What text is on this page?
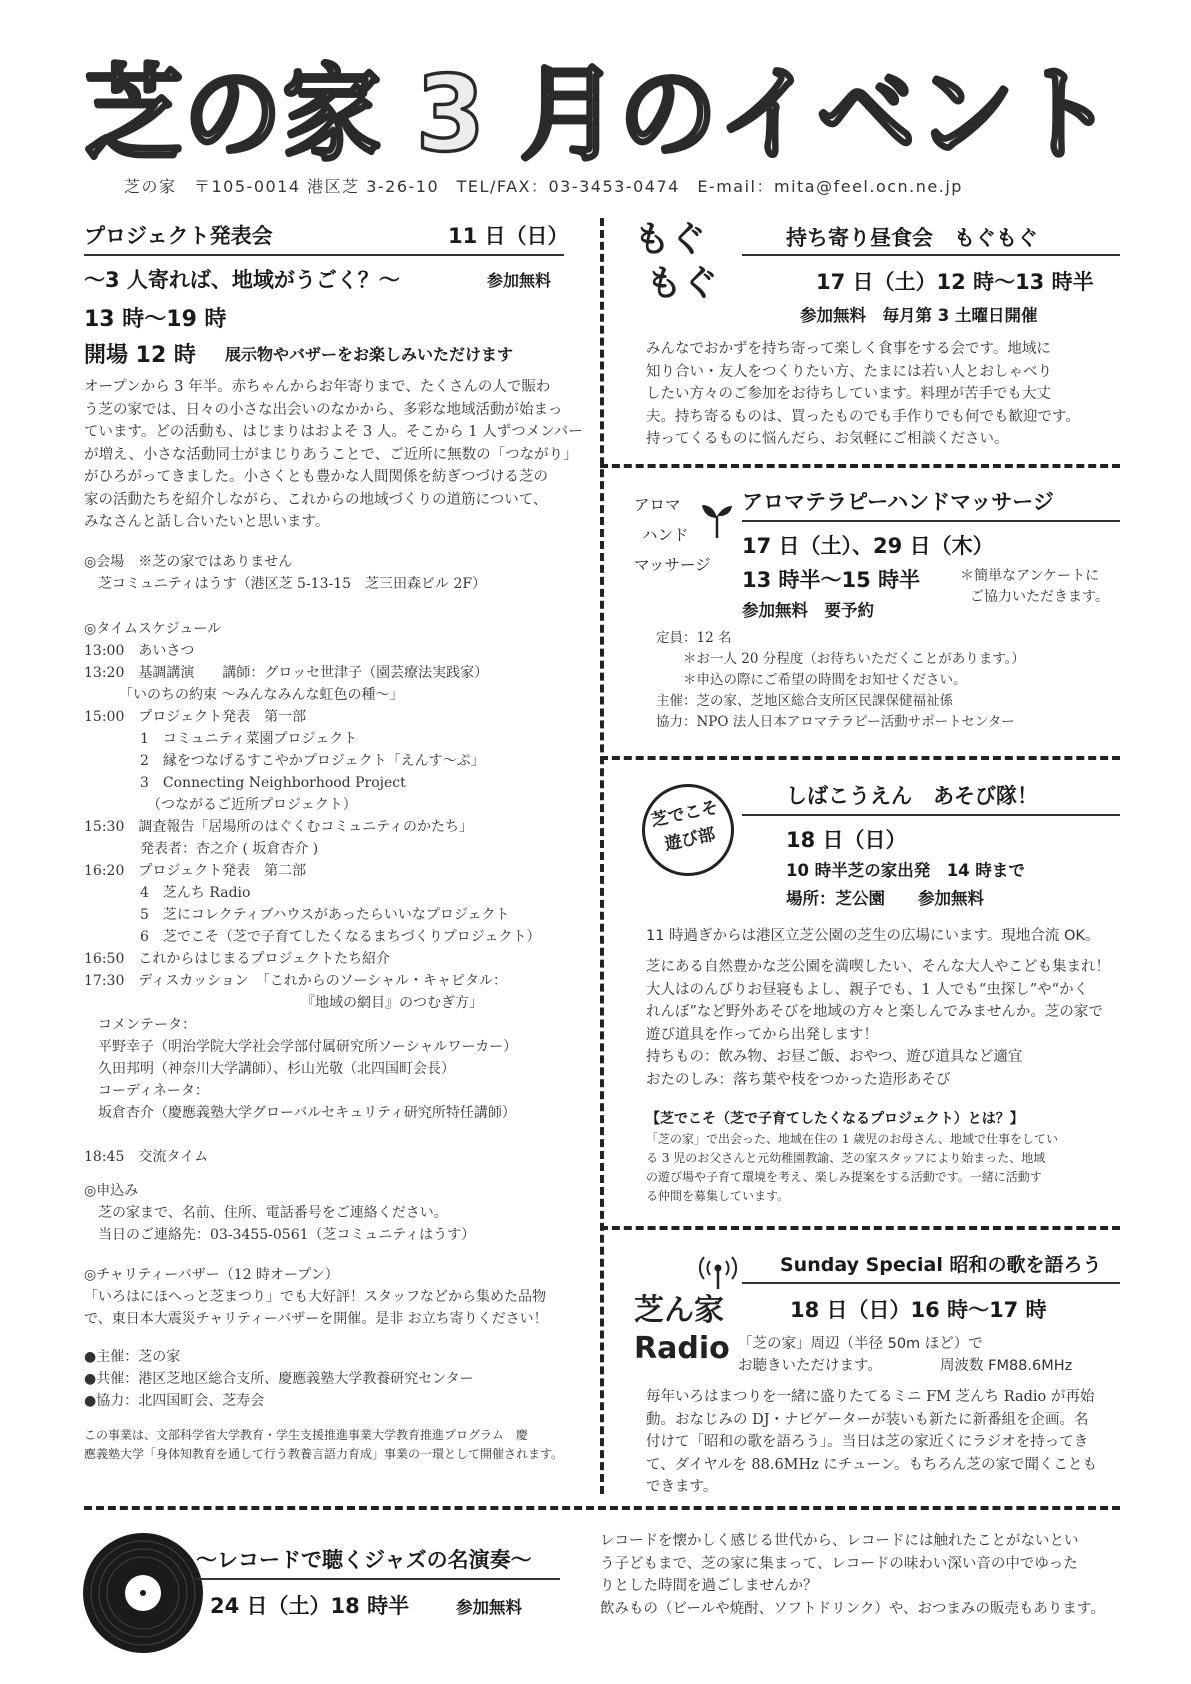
芝の家 3 月のイベント
芝の家　〒105-0014 港区芝 3-26-10　TEL/FAX：03-3453-0474　E-mail：mita@feel.ocn.ne.jp
プロジェクト発表会	11 日（日）
〜3 人寄れば、地域がうごく？〜	参加無料
13 時〜19 時
開場 12 時 展示物やバザーをお楽しみいただけます
オープンから 3 年半。赤ちゃんからお年寄りまで、たくさんの人で賑わ
う芝の家では、日々の小さな出会いのなかから、多彩な地域活動が始まっ
ています。どの活動も、はじまりはおよそ 3 人。そこから 1 人ずつメンバー
が増え、小さな活動同士がまじりあうことで、ご近所に無数の「つながり」
がひろがってきました。小さくとも豊かな人間関係を紡ぎつづける芝の
家の活動たちを紹介しながら、これからの地域づくりの道筋について、
みなさんと話し合いたいと思います。
◎会場　※芝の家ではありません
芝コミュニティはうす（港区芝 5-13-15　芝三田森ビル 2F）
◎タイムスケジュール
13:00　あいさつ
13:20　基調講演　　講師：グロッセ世津子（園芸療法実践家）
　　　「いのちの約束 〜みんなみんな虹色の種〜」
15:00　プロジェクト発表　第一部
　　　　1　コミュニティ菜園プロジェクト
　　　　2　縁をつなげるすこやかプロジェクト「えんす〜ぷ」
　　　　3　Connecting Neighborhood Project
　　　　　（つながるご近所プロジェクト）
15:30　調査報告「居場所のはぐくむコミュニティのかたち」
　　　　発表者：杏之介 ( 坂倉杏介 )
16:20　プロジェクト発表　第二部
　　　　4　芝んち Radio
　　　　5　芝にコレクティブハウスがあったらいいなプロジェクト
　　　　6　芝でこそ（芝で子育てしたくなるまちづくりプロジェクト）
16:50　これからはじまるプロジェクトたち紹介
17:30　ディスカッション　「これからのソーシャル・キャピタル：
　　　　　　　　　　　　　　　　『地域の網目』のつむぎ方」
　コメンテータ：
　平野幸子（明治学院大学社会学部付属研究所ソーシャルワーカー）
　久田邦明（神奈川大学講師）、杉山光敬（北四国町会長）
　コーディネータ：
　坂倉杏介（慶應義塾大学グローバルセキュリティ研究所特任講師）
18:45　交流タイム
◎申込み
　芝の家まで、名前、住所、電話番号をご連絡ください。
　当日のご連絡先：03-3455-0561（芝コミュニティはうす）
◎チャリティーバザー（12 時オープン）
「いろはにほへっと芝まつり」でも大好評！スタッフなどから集めた品物
で、東日本大震災チャリティーバザーを開催。是非 お立ち寄りください！
●主催：芝の家
●共催：港区芝地区総合支所、慶應義塾大学教養研究センター
●協力：北四国町会、芝寿会
この事業は、文部科学省大学教育・学生支援推進事業大学教育推進プログラム　慶
應義塾大学「身体知教育を通して行う教養言語力育成」事業の一環として開催されます。
もぐ
もぐ
持ち寄り昼食会　もぐもぐ
17 日（土）12 時〜13 時半
参加無料　毎月第 3 土曜日開催
みんなでおかずを持ち寄って楽しく食事をする会です。地域に
知り合い・友人をつくりたい方、たまには若い人とおしゃべり
したい方々のご参加をお待ちしています。料理が苦手でも大丈
夫。持ち寄るものは、買ったものでも手作りでも何でも歓迎です。
持ってくるものに悩んだら、お気軽にご相談ください。
アロマ
ハンド
マッサージ
アロマテラピーハンドマッサージ
17 日（土）、29 日（木）
13 時半〜15 時半	＊簡単なアンケートに
ご協力いただきます。
参加無料　要予約
定員：12 名
　　＊お一人 20 分程度（お待ちいただくことがあります。）
　　＊申込の際にご希望の時間をお知せください。
主催：芝の家、芝地区総合支所区民課保健福祉係
協力：NPO 法人日本アロマテラピー活動サポートセンター
芝でこそ
遊び部
しばこうえん　あそび隊！
18 日（日）
10 時半芝の家出発　14 時まで
場所：芝公園　　参加無料
11 時過ぎからは港区立芝公園の芝生の広場にいます。現地合流 OK。
芝にある自然豊かな芝公園を満喫したい、そんな大人やこども集まれ！
大人はのんびりお昼寝もよし、親子でも、1 人でも“虫探し”や“かく
れんぼ”など野外あそびを地域の方々と楽しんでみませんか。芝の家で
遊び道具を作ってから出発します！
持ちもの：飲み物、お昼ご飯、おやつ、遊び道具など適宜
おたのしみ：落ち葉や枝をつかった造形あそび
【芝でこそ（芝で子育てしたくなるプロジェクト）とは？】
「芝の家」で出会った、地域在住の 1 歳児のお母さん、地域で仕事をしてい
る 3 児のお父さんと元幼稚園教諭、芝の家スタッフにより始まった、地域
の遊び場や子育て環境を考え、楽しみ提案をする活動です。一緒に活動す
る仲間を募集しています。
芝ん家
Radio
Sunday Special 昭和の歌を語ろう
18 日（日）16 時〜17 時
「芝の家」周辺（半径 50m ほど）で
お聴きいただけます。	周波数 FM88.6MHz
毎年いろはまつりを一緒に盛りたてるミニ FM 芝んち Radio が再始
動。おなじみの DJ・ナビゲーターが装いも新たに新番組を企画。名
付けて「昭和の歌を語ろう」。当日は芝の家近くにラジオを持ってき
て、ダイヤルを 88.6MHz にチューン。もちろん芝の家で聞くことも
できます。
〜レコードで聴くジャズの名演奏〜
24 日（土）18 時半	参加無料
レコードを懐かしく感じる世代から、レコードには触れたことがないとい
う子どもまで、芝の家に集まって、レコードの味わい深い音の中でゆった
りとした時間を過ごしませんか？
飲みもの（ビールや焼酎、ソフトドリンク）や、おつまみの販売もあります。
